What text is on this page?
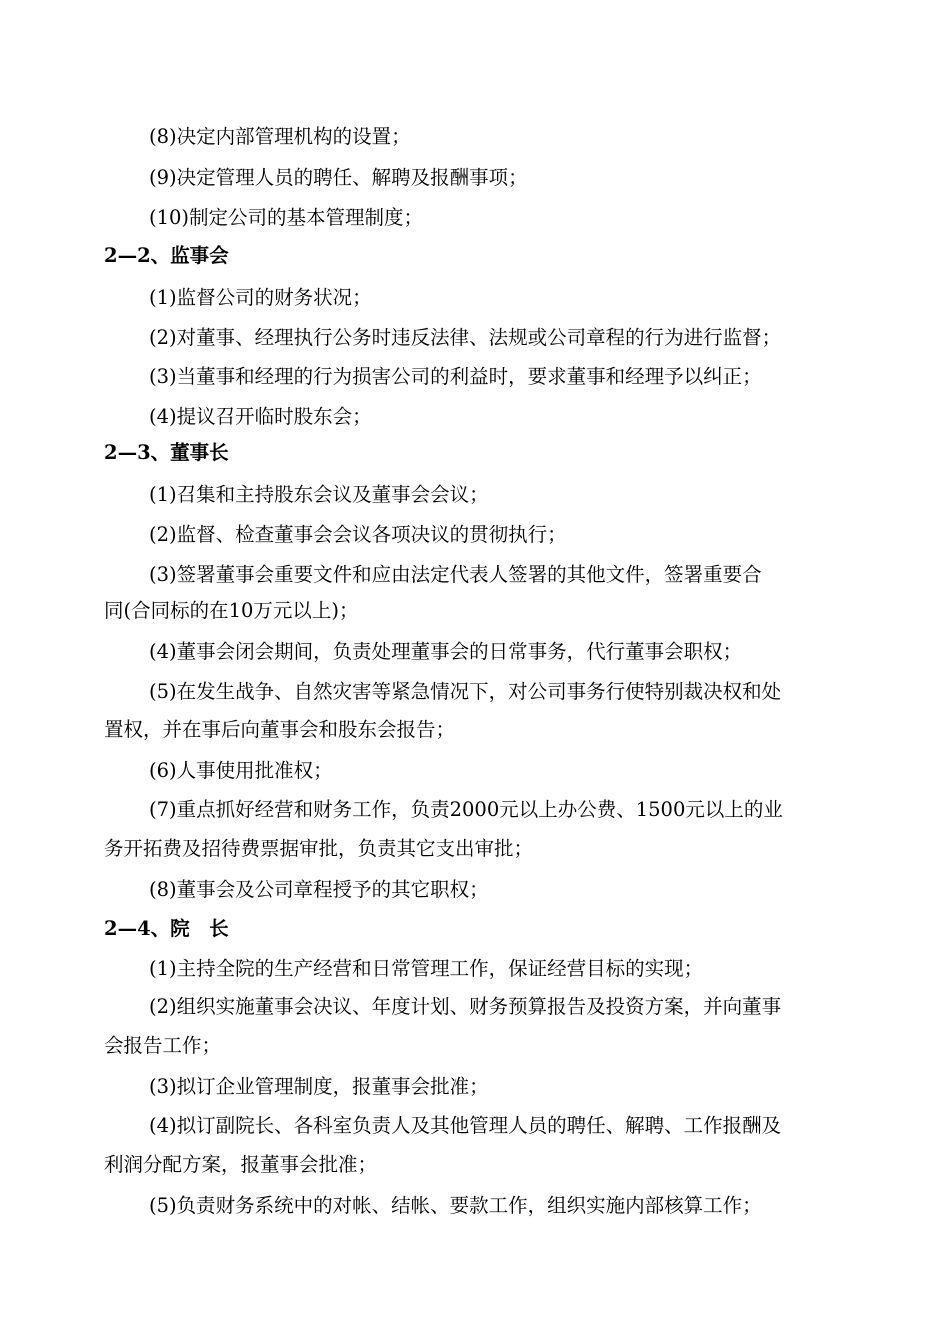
(8)决定内部管理机构的设置；
(9)决定管理人员的聘任、解聘及报酬事项；
(10)制定公司的基本管理制度；
2—2、监事会
(1)监督公司的财务状况；
(2)对董事、经理执行公务时违反法律、法规或公司章程的行为进行监督；
(3)当董事和经理的行为损害公司的利益时，要求董事和经理予以纠正；
(4)提议召开临时股东会；
2—3、董事长
(1)召集和主持股东会议及董事会会议；
(2)监督、检查董事会会议各项决议的贯彻执行；
(3)签署董事会重要文件和应由法定代表人签署的其他文件，签署重要合
同(合同标的在10万元以上)；
(4)董事会闭会期间，负责处理董事会的日常事务，代行董事会职权；
(5)在发生战争、自然灾害等紧急情况下，对公司事务行使特别裁决权和处
置权，并在事后向董事会和股东会报告；
(6)人事使用批准权；
(7)重点抓好经营和财务工作，负责2000元以上办公费、1500元以上的业
务开拓费及招待费票据审批，负责其它支出审批；
(8)董事会及公司章程授予的其它职权；
2—4、院　长
(1)主持全院的生产经营和日常管理工作，保证经营目标的实现；
(2)组织实施董事会决议、年度计划、财务预算报告及投资方案，并向董事
会报告工作；
(3)拟订企业管理制度，报董事会批准；
(4)拟订副院长、各科室负责人及其他管理人员的聘任、解聘、工作报酬及
利润分配方案，报董事会批准；
(5)负责财务系统中的对帐、结帐、要款工作，组织实施内部核算工作；
